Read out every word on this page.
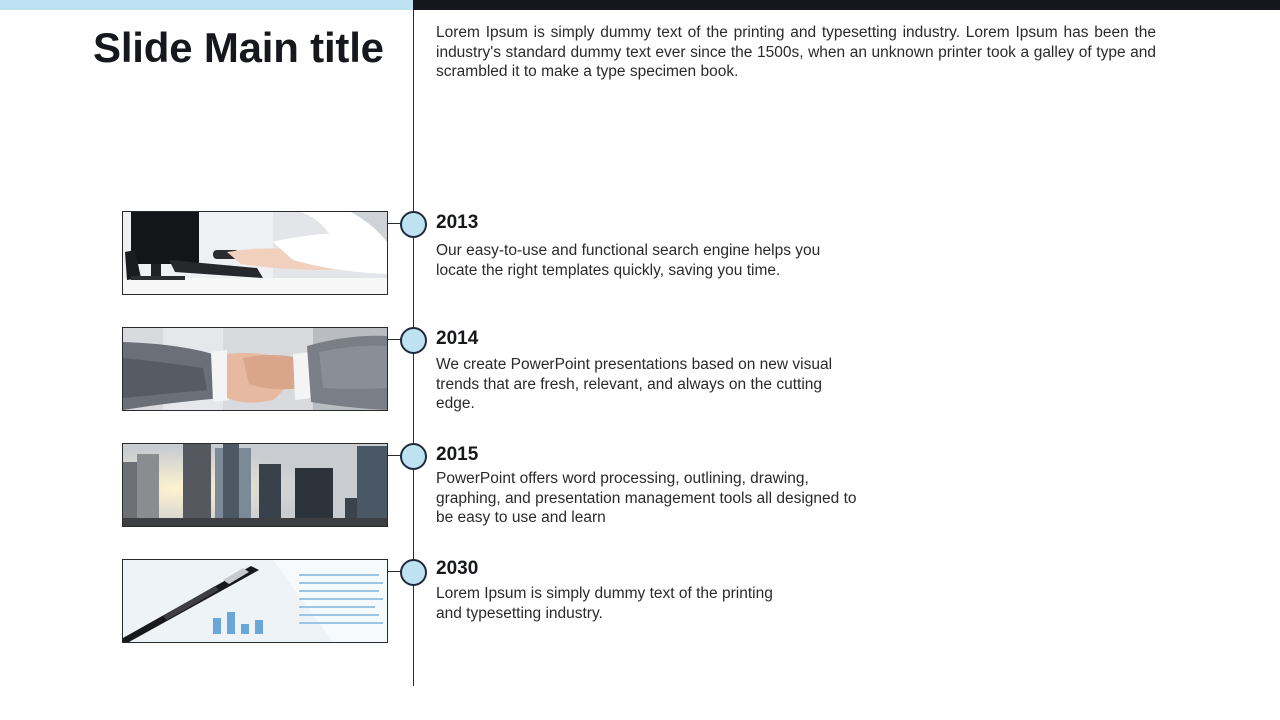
Slide Main title	Lorem Ipsum is simply dummy text of the printing and typesetting industry. Lorem Ipsum has been the industry's standard dummy text ever since the 1500s, when an unknown printer took a galley of type and scrambled it to make a type specimen book.
2013
Our easy-to-use and functional search engine helps you locate the right templates quickly, saving you time.
2014
We create PowerPoint presentations based on new visual trends that are fresh, relevant, and always on the cutting edge.
2015
PowerPoint offers word processing, outlining, drawing, graphing, and presentation management tools all designed to be easy to use and learn
2030
Lorem Ipsum is simply dummy text of the printing and typesetting industry.
